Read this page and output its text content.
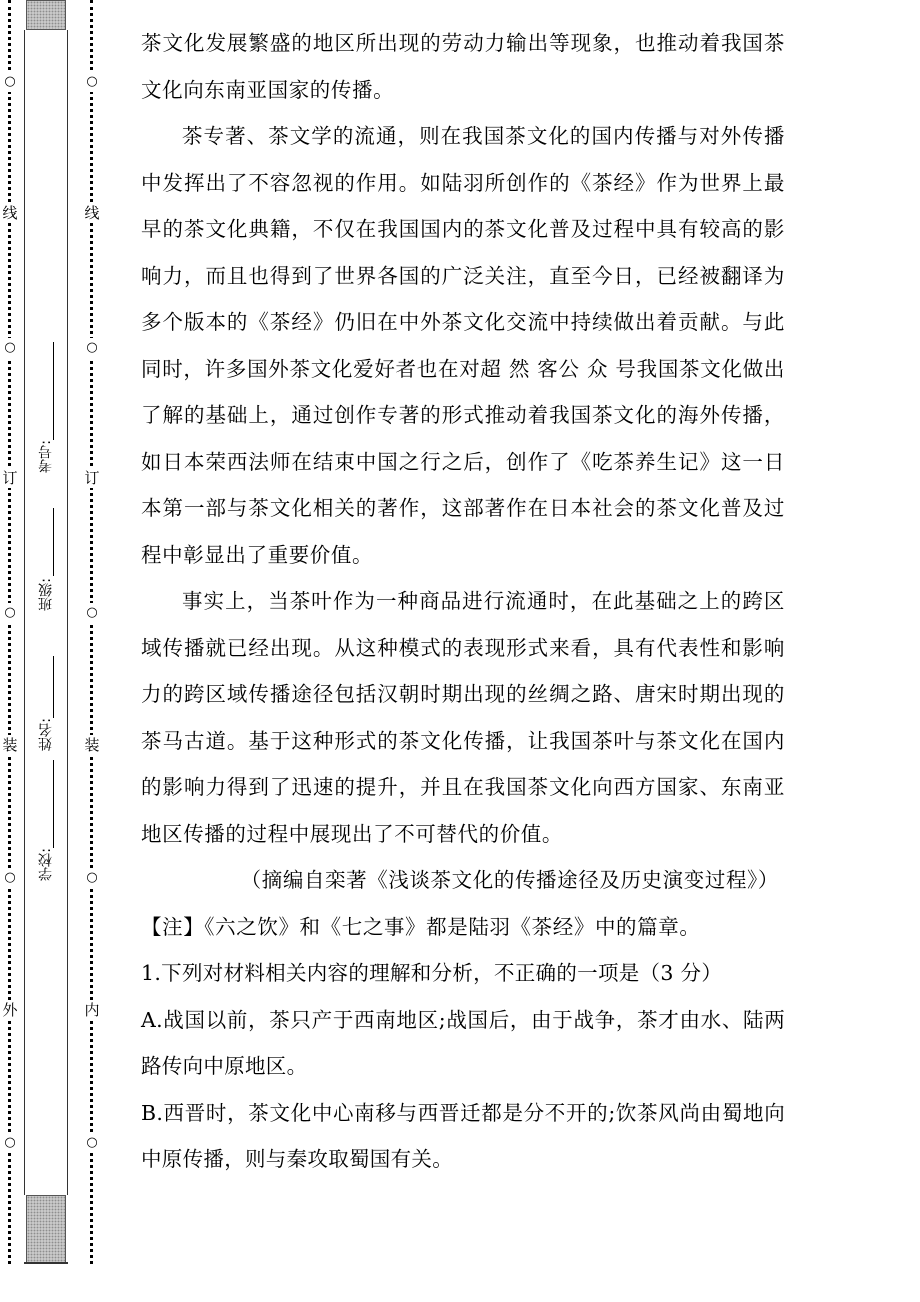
○
线
○
订
○
装
○
外
○
○
线
○
订
○
装
○
内
○
考号:
班级:
姓名:
学校:

茶文化发展繁盛的地区所出现的劳动力输出等现象，也推动着我国茶文化向东南亚国家的传播。

茶专著、茶文学的流通，则在我国茶文化的国内传播与对外传播中发挥出了不容忽视的作用。如陆羽所创作的《茶经》作为世界上最早的茶文化典籍，不仅在我国国内的茶文化普及过程中具有较高的影响力，而且也得到了世界各国的广泛关注，直至今日，已经被翻译为多个版本的《茶经》仍旧在中外茶文化交流中持续做出着贡献。与此同时，许多国外茶文化爱好者也在对超 然 客公 众 号我国茶文化做出了解的基础上，通过创作专著的形式推动着我国茶文化的海外传播，如日本荣西法师在结束中国之行之后，创作了《吃茶养生记》这一日本第一部与茶文化相关的著作，这部著作在日本社会的茶文化普及过程中彰显出了重要价值。

事实上，当茶叶作为一种商品进行流通时，在此基础之上的跨区域传播就已经出现。从这种模式的表现形式来看，具有代表性和影响力的跨区域传播途径包括汉朝时期出现的丝绸之路、唐宋时期出现的茶马古道。基于这种形式的茶文化传播，让我国茶叶与茶文化在国内的影响力得到了迅速的提升，并且在我国茶文化向西方国家、东南亚地区传播的过程中展现出了不可替代的价值。

（摘编自栾著《浅谈茶文化的传播途径及历史演变过程》）

【注】《六之饮》和《七之事》都是陆羽《茶经》中的篇章。

1.下列对材料相关内容的理解和分析，不正确的一项是（3 分）

A.战国以前，茶只产于西南地区;战国后，由于战争，茶才由水、陆两路传向中原地区。

B.西晋时，茶文化中心南移与西晋迁都是分不开的;饮茶风尚由蜀地向中原传播，则与秦攻取蜀国有关。
